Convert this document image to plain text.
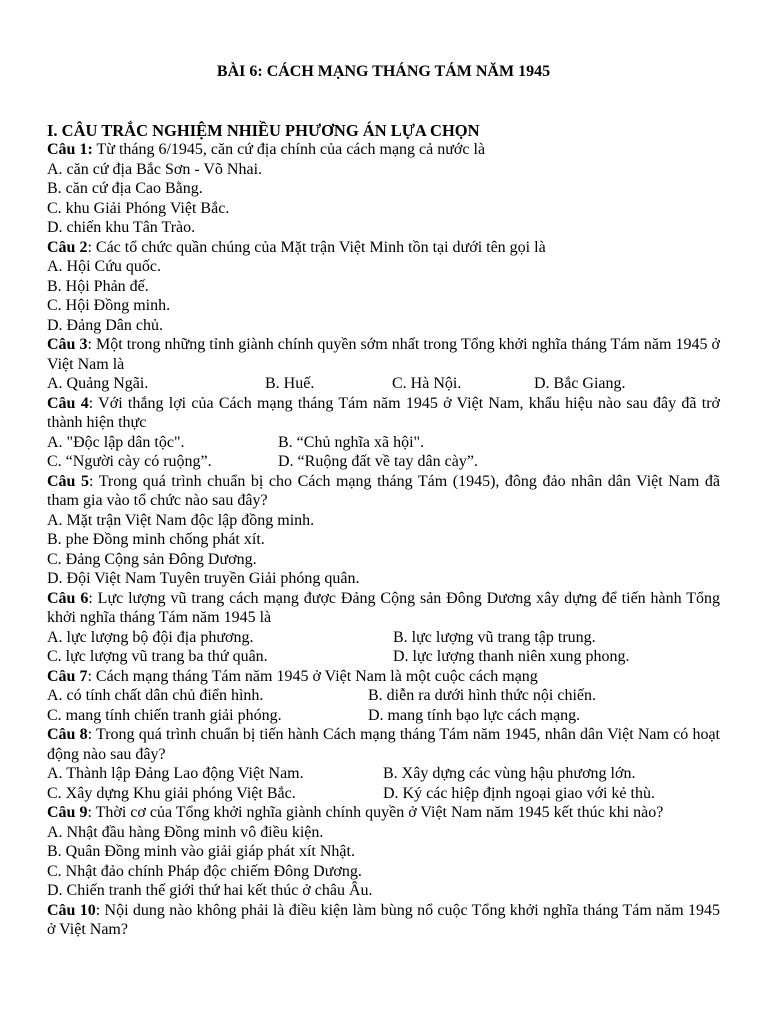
BÀI 6: CÁCH MẠNG THÁNG TÁM NĂM 1945

I. CÂU TRẮC NGHIỆM NHIỀU PHƯƠNG ÁN LỰA CHỌN

Câu 1: Từ tháng 6/1945, căn cứ địa chính của cách mạng cả nước là

A. căn cứ địa Bắc Sơn - Võ Nhai.
B. căn cứ địa Cao Bằng.
C. khu Giải Phóng Việt Bắc.
D. chiến khu Tân Trào.

Câu 2: Các tổ chức quần chúng của Mặt trận Việt Minh tồn tại dưới tên gọi là

A. Hội Cứu quốc.
B. Hội Phản đế.
C. Hội Đồng minh.
D. Đảng Dân chủ.

Câu 3: Một trong những tỉnh giành chính quyền sớm nhất trong Tổng khởi nghĩa tháng Tám năm 1945 ở Việt Nam là

A. Quảng Ngãi.	B. Huế.	C. Hà Nội.	D. Bắc Giang.

Câu 4: Với thắng lợi của Cách mạng tháng Tám năm 1945 ở Việt Nam, khẩu hiệu nào sau đây đã trở thành hiện thực

A. "Độc lập dân tộc".	B. “Chủ nghĩa xã hội".
C. “Người cày có ruộng”.	D. “Ruộng đất về tay dân cày”.

Câu 5: Trong quá trình chuẩn bị cho Cách mạng tháng Tám (1945), đông đảo nhân dân Việt Nam đã tham gia vào tổ chức nào sau đây?

A. Mặt trận Việt Nam độc lập đồng minh.
B. phe Đồng minh chống phát xít.
C. Đảng Cộng sản Đông Dương.
D. Đội Việt Nam Tuyên truyền Giải phóng quân.

Câu 6: Lực lượng vũ trang cách mạng được Đảng Cộng sản Đông Dương xây dựng để tiến hành Tổng khởi nghĩa tháng Tám năm 1945 là

A. lực lượng bộ đội địa phương.	B. lực lượng vũ trang tập trung.
C. lực lượng vũ trang ba thứ quân.	D. lực lượng thanh niên xung phong.

Câu 7: Cách mạng tháng Tám năm 1945 ở Việt Nam là một cuộc cách mạng

A. có tính chất dân chủ điển hình.	B. diễn ra dưới hình thức nội chiến.
C. mang tính chiến tranh giải phóng.	D. mang tính bạo lực cách mạng.

Câu 8: Trong quá trình chuẩn bị tiến hành Cách mạng tháng Tám năm 1945, nhân dân Việt Nam có hoạt động nào sau đây?

A. Thành lập Đảng Lao động Việt Nam.	B. Xây dựng các vùng hậu phương lớn.
C. Xây dựng Khu giải phóng Việt Bắc.	D. Ký các hiệp định ngoại giao với kẻ thù.

Câu 9: Thời cơ của Tổng khởi nghĩa giành chính quyền ở Việt Nam năm 1945 kết thúc khi nào?

A. Nhật đầu hàng Đồng minh vô điều kiện.
B. Quân Đồng minh vào giải giáp phát xít Nhật.
C. Nhật đảo chính Pháp độc chiếm Đông Dương.
D. Chiến tranh thế giới thứ hai kết thúc ở châu Âu.

Câu 10: Nội dung nào không phải là điều kiện làm bùng nổ cuộc Tổng khởi nghĩa tháng Tám năm 1945 ở Việt Nam?
